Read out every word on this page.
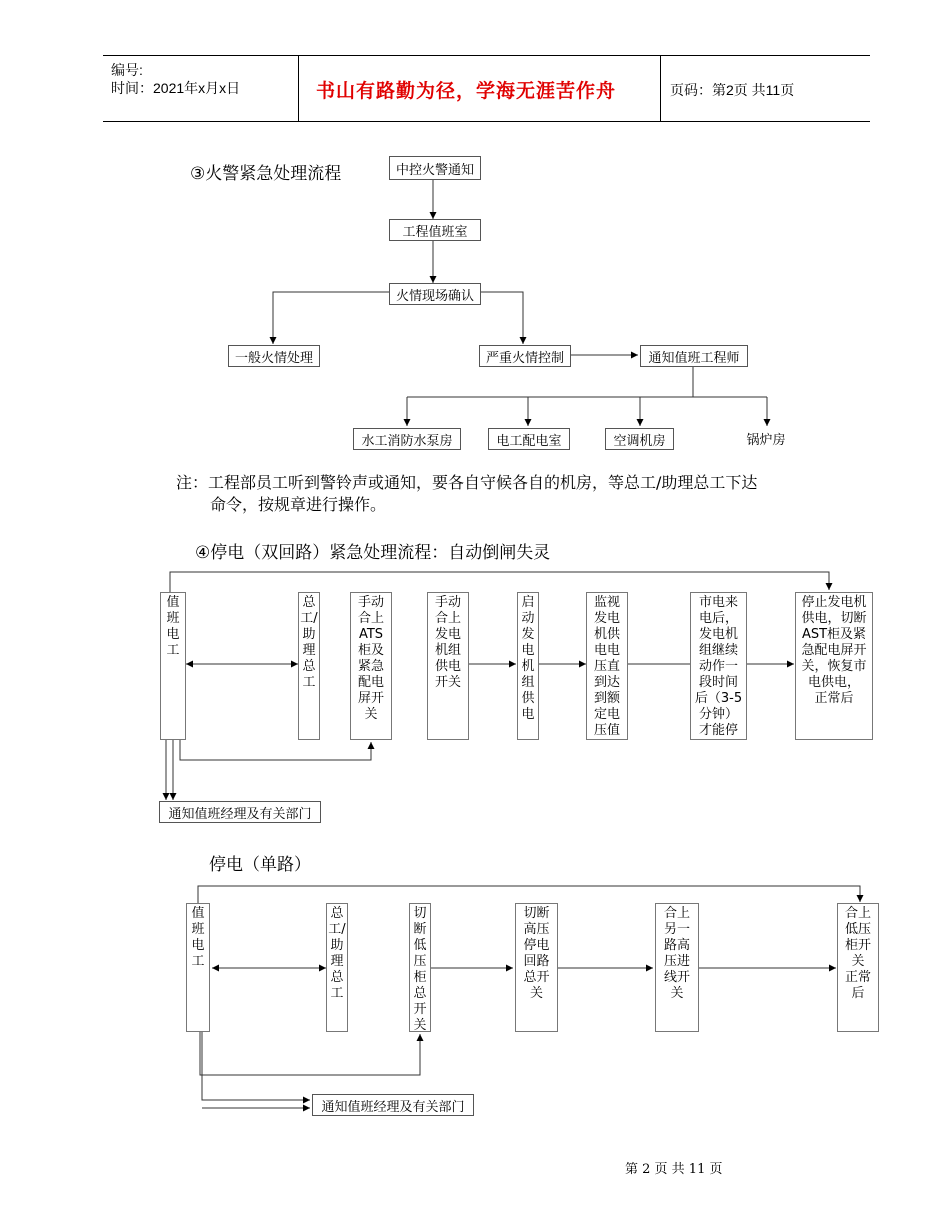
编号:
时间：2021年x月x日	书山有路勤为径，学海无涯苦作舟	页码：第2页 共11页
③火警紧急处理流程	中控火警通知
工程值班室
火情现场确认
一般火情处理	严重火情控制	通知值班工程师
水工消防水泵房	电工配电室	空调机房	锅炉房
注：工程部员工听到警铃声或通知，要各自守候各自的机房，等总工/助理总工下达
命令，按规章进行操作。
④停电（双回路）紧急处理流程：自动倒闸失灵
值
班
电
工
总
工/
助
理
总
工
手动
合上
ATS
柜及
紧急
配电
屏开
关
手动
合上
发电
机组
供电
开关
启
动
发
电
机
组
供
电
监视
发电
机供
电电
压直
到达
到额
定电
压值
市电来
电后，
发电机
组继续
动作一
段时间
后（3-5
分钟）
才能停
停止发电机
供电，切断
AST柜及紧
急配电屏开
关，恢复市
电供电，
正常后
通知值班经理及有关部门
停电（单路）
值
班
电
工
总
工/
助
理
总
工
切
断
低
压
柜
总
开
关
切断
高压
停电
回路
总开
关
合上
另一
路高
压进
线开
关
合上
低压
柜开
关
正常
后
通知值班经理及有关部门
第 2 页 共 11 页
